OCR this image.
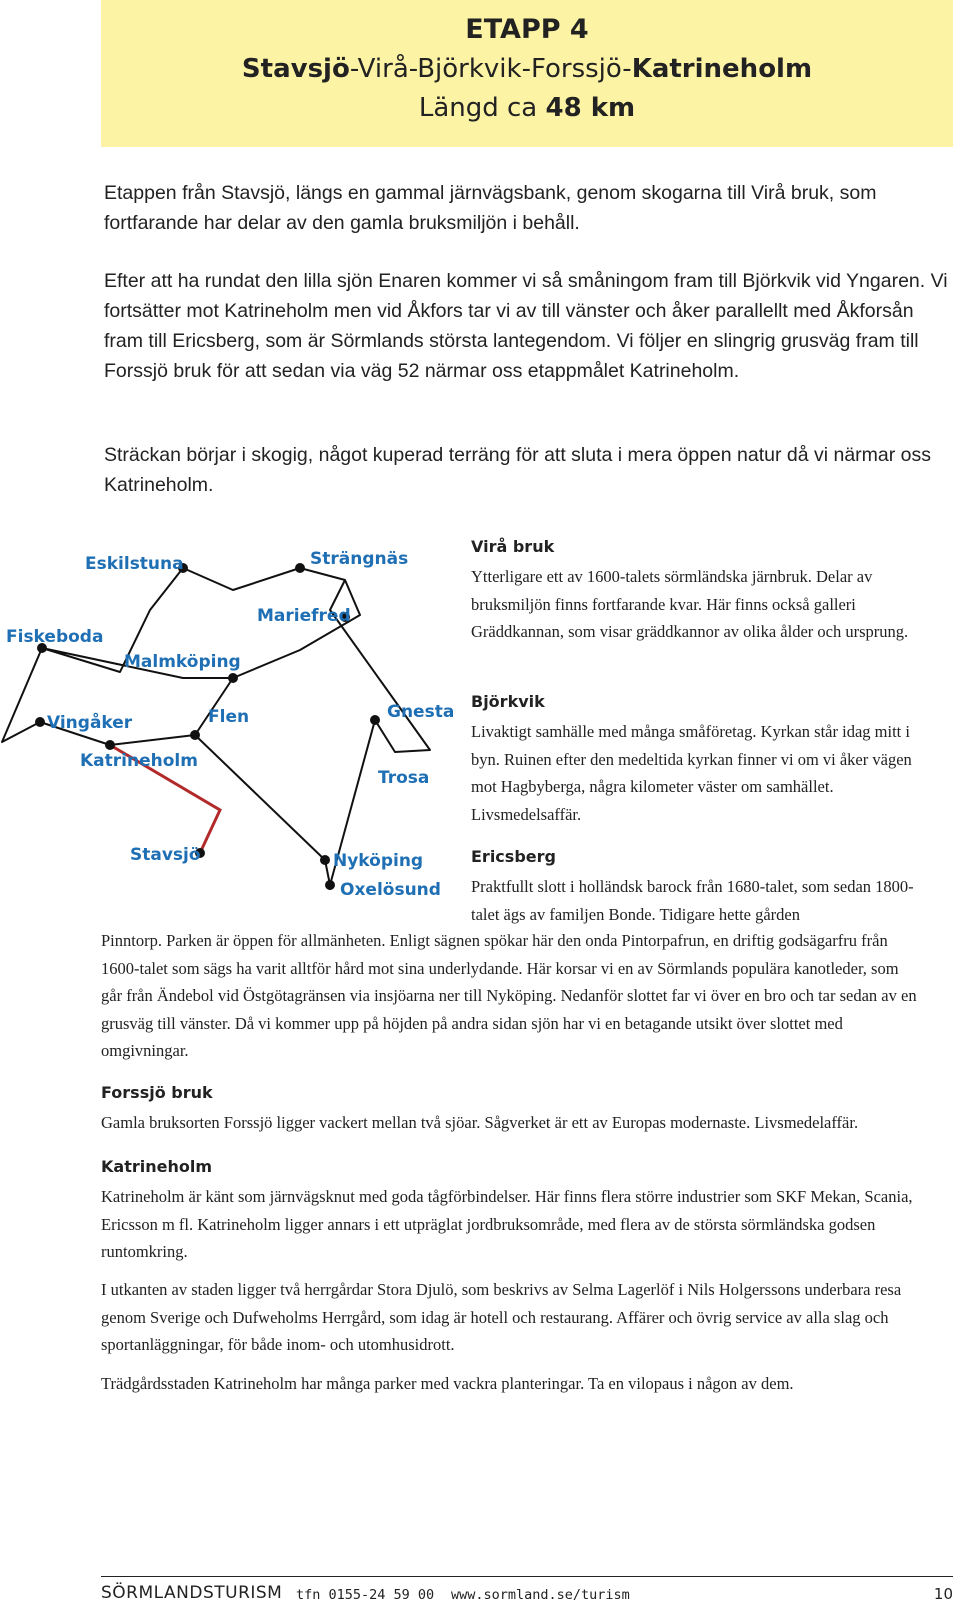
ETAPP 4
Stavsjö-Virå-Björkvik-Forssjö-Katrineholm
Längd ca 48 km

Etappen från Stavsjö, längs en gammal järnvägsbank, genom skogarna till Virå bruk, som fortfarande har delar av den gamla bruksmiljön i behåll.

Efter att ha rundat den lilla sjön Enaren kommer vi så småningom fram till Björkvik vid Yngaren. Vi fortsätter mot Katrineholm men vid Åkfors tar vi av till vänster och åker parallellt med Åkforsån fram till Ericsberg, som är Sörmlands största lantegendom. Vi följer en slingrig grusväg fram till Forssjö bruk för att sedan via väg 52 närmar oss etappmålet Katrineholm.

Sträckan börjar i skogig, något kuperad terräng för att sluta i mera öppen natur då vi närmar oss Katrineholm.

Eskilstuna	Strängnäs
Mariefred
Fiskeboda
Malmköping
Vingåker	Flen	Gnesta
Katrineholm
Trosa
Stavsjö	Nyköping
Oxelösund
Virå bruk

Ytterligare ett av 1600-talets sörmländska järnbruk. Delar av bruksmiljön finns fortfarande kvar. Här finns också galleri Gräddkannan, som visar gräddkannor av olika ålder och ursprung.

Björkvik

Livaktigt samhälle med många småföretag. Kyrkan står idag mitt i byn. Ruinen efter den medeltida kyrkan finner vi om vi åker vägen mot Hagbyberga, några kilometer väster om samhället. Livsmedelsaffär.

Ericsberg

Praktfullt slott i holländsk barock från 1680-talet, som sedan 1800-talet ägs av familjen Bonde. Tidigare hette gården

Pinntorp. Parken är öppen för allmänheten. Enligt sägnen spökar här den onda Pintorpafrun, en driftig godsägarfru från 1600-talet som sägs ha varit alltför hård mot sina underlydande. Här korsar vi en av Sörmlands populära kanotleder, som går från Ändebol vid Östgötagränsen via insjöarna ner till Nyköping. Nedanför slottet far vi över en bro och tar sedan av en grusväg till vänster. Då vi kommer upp på höjden på andra sidan sjön har vi en betagande utsikt över slottet med omgivningar.

Forssjö bruk

Gamla bruksorten Forssjö ligger vackert mellan två sjöar. Sågverket är ett av Europas modernaste. Livsmedelaffär.

Katrineholm

Katrineholm är känt som järnvägsknut med goda tågförbindelser. Här finns flera större industrier som SKF Mekan, Scania, Ericsson m fl. Katrineholm ligger annars i ett utpräglat jordbruksområde, med flera av de största sörmländska godsen runtomkring.

I utkanten av staden ligger två herrgårdar Stora Djulö, som beskrivs av Selma Lagerlöf i Nils Holgerssons underbara resa genom Sverige och Dufweholms Herrgård, som idag är hotell och restaurang. Affärer och övrig service av alla slag och sportanläggningar, för både inom- och utomhusidrott.

Trädgårdsstaden Katrineholm har många parker med vackra planteringar. Ta en vilopaus i någon av dem.

SÖRMLANDSTURISM tfn 0155-24 59 00 www.sormland.se/turism	10
